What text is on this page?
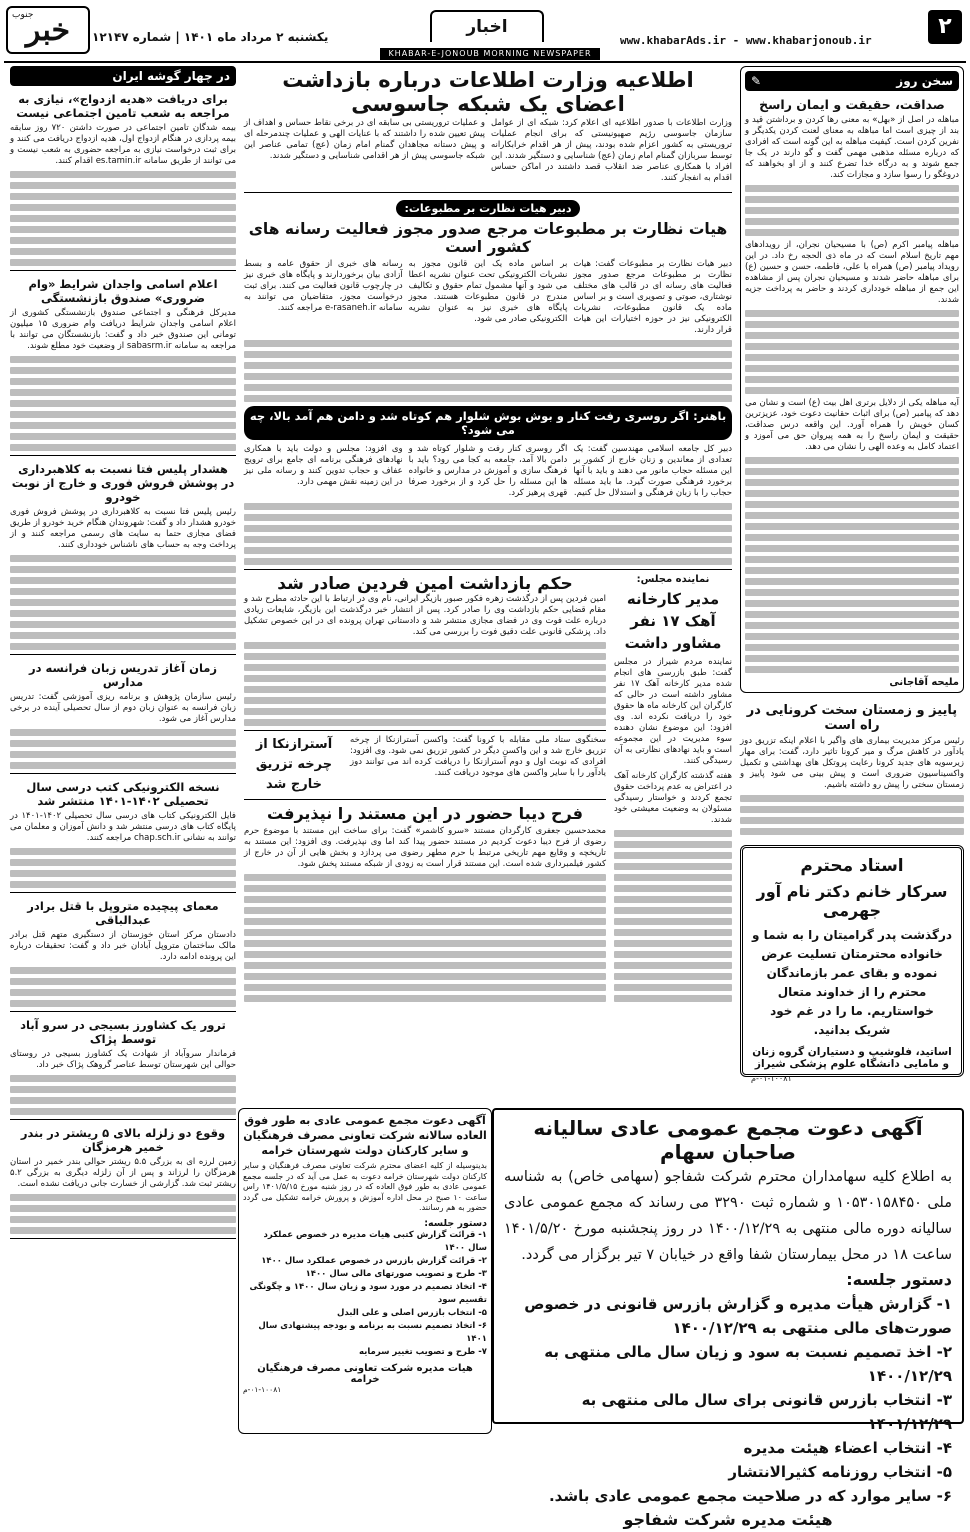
جنوب
خبر یکشنبه ۲ مرداد ماه ۱۴۰۱ | شماره ۱۲۱۴۷	اخبار
www.khabarAds.ir - www.khabarjonoub.ir
۲
KHABAR-E-JONOUB MORNING NEWSPAPER
سخن روز
✎
صداقت، حقیقت و ایمان راسخ

مباهله در اصل از «بهل» به معنی رها کردن و برداشتن قید و بند از چیزی است اما مباهله به معنای لعنت کردن یکدیگر و نفرین کردن است. کیفیت مباهله به این گونه است که افرادی که درباره مسئله مذهبی مهمی گفت و گو دارند در یک جا جمع شوند و به درگاه خدا تضرع کنند و از او بخواهند که دروغگو را رسوا سازد و مجازات کند.

مباهله پیامبر اکرم (ص) با مسیحیان نجران، از رویدادهای مهم تاریخ اسلام است که در ماه ذی الحجه رخ داد. در این رویداد پیامبر (ص) همراه با علی، فاطمه، حسن و حسین (ع) برای مباهله حاضر شدند و مسیحیان نجران پس از مشاهده این جمع از مباهله خودداری کردند و حاضر به پرداخت جزیه شدند.

آیه مباهله یکی از دلایل برتری اهل بیت (ع) است و نشان می دهد که پیامبر (ص) برای اثبات حقانیت دعوت خود، عزیزترین کسان خویش را همراه آورد. این واقعه درس صداقت، حقیقت و ایمان راسخ را به همه پیروان حق می آموزد و اعتماد کامل به وعده الهی را نشان می دهد.

ملیحه آقاجانی
پاییز و زمستان سخت کرونایی در راه است

رئیس مرکز مدیریت بیماری های واگیر با اعلام اینکه تزریق دوز یادآور در کاهش مرگ و میر کرونا تاثیر دارد، گفت: برای مهار زیرسویه های جدید کرونا رعایت پروتکل های بهداشتی و تکمیل واکسیناسیون ضروری است و پیش بینی می شود پاییز و زمستان سختی را پیش رو داشته باشیم.

استاد محترم
سرکار خانم دکتر نام آور جهرمی
درگذشت پدر گرامیتان را به شما و خانواده محترمتان تسلیت عرض نموده و بقای عمر بازماندگان محترم را از خداوند متعال خواستاریم. ما را در غم خود شریک بدانید.
اساتید، فلوشیپ و دستیاران گروه زنان و مامایی دانشگاه علوم پزشکی شیراز
۰۱-۱۰۰۸۱-م
اطلاعیه وزارت اطلاعات درباره بازداشت اعضای یک شبکه جاسوسی

وزارت اطلاعات با صدور اطلاعیه ای اعلام کرد: شبکه ای از عوامل سازمان جاسوسی رژیم صهیونیستی که برای انجام عملیات تروریستی به کشور اعزام شده بودند، پیش از هر اقدام خرابکارانه توسط سربازان گمنام امام زمان (عج) شناسایی و دستگیر شدند. این افراد با همکاری عناصر ضد انقلاب قصد داشتند در اماکن حساس اقدام به انفجار کنند.

و عملیات تروریستی بی سابقه ای در برخی نقاط حساس و اهداف از پیش تعیین شده را داشتند که با عنایات الهی و عملیات چندمرحله ای و پیش دستانه مجاهدان گمنام امام زمان (عج) تمامی عناصر این شبکه جاسوسی پیش از هر اقدامی شناسایی و دستگیر شدند.

دبیر هیات نظارت بر مطبوعات:
هیات نظارت بر مطبوعات مرجع صدور مجوز فعالیت رسانه های کشور است

دبیر هیات نظارت بر مطبوعات گفت: هیات نظارت بر مطبوعات مرجع صدور مجوز فعالیت های رسانه ای در قالب های مختلف نوشتاری، صوتی و تصویری است و بر اساس ماده یک قانون مطبوعات، نشریات الکترونیکی نیز در حوزه اختیارات این هیات قرار دارند.

بر اساس ماده یک این قانون مجوز به نشریات الکترونیکی تحت عنوان نشریه اعطا می شود و آنها مشمول تمام حقوق و تکالیف مندرج در قانون مطبوعات هستند. مجوز پایگاه های خبری نیز به عنوان نشریه الکترونیکی صادر می شود.

رسانه های خبری از حقوق عامه و بسط آزادی بیان برخوردارند و پایگاه های خبری نیز در چارچوب قانون فعالیت می کنند. برای ثبت درخواست مجوز، متقاضیان می توانند به سامانه e-rasaneh.ir مراجعه کنند.

باهنر: اگر روسری رفت کنار و بوش بوش شلوار هم کوتاه شد و دامن هم آمد بالا، چه می شود؟

دبیر کل جامعه اسلامی مهندسین گفت: یک تعدادی از معاندین و زنان خارج از کشور بر این مسئله حجاب مانور می دهند و باید با آنها برخورد فرهنگی صورت گیرد. ما باید مسئله حجاب را با زبان فرهنگی و استدلال حل کنیم.

اگر روسری کنار رفت و شلوار کوتاه شد و دامن بالا آمد، جامعه به کجا می رود؟ باید با فرهنگ سازی و آموزش در مدارس و خانواده ها این مسئله را حل کرد و از برخورد صرفا قهری پرهیز کرد.

وی افزود: مجلس و دولت باید با همکاری نهادهای فرهنگی برنامه ای جامع برای ترویج عفاف و حجاب تدوین کنند و رسانه ملی نیز در این زمینه نقش مهمی دارد.

نماینده مجلس:
مدیر کارخانه آهک ۱۷ نفر مشاور داشت

نماینده مردم شیراز در مجلس گفت: طبق بازرسی های انجام شده مدیر کارخانه آهک ۱۷ نفر مشاور داشته است در حالی که کارگران این کارخانه ماه ها حقوق خود را دریافت نکرده اند. وی افزود: این موضوع نشان دهنده سوء مدیریت در این مجموعه است و باید نهادهای نظارتی به آن رسیدگی کنند.

هفته گذشته کارگران کارخانه آهک در اعتراض به عدم پرداخت حقوق تجمع کردند و خواستار رسیدگی مسئولان به وضعیت معیشتی خود شدند.

حکم بازداشت امین فردین صادر شد

امین فردین پس از درگذشت زهره فکور صبور بازیگر ایرانی، نام وی در ارتباط با این حادثه مطرح شد و مقام قضایی حکم بازداشت وی را صادر کرد. پس از انتشار خبر درگذشت این بازیگر، شایعات زیادی درباره علت فوت وی در فضای مجازی منتشر شد و دادستانی تهران پرونده ای در این خصوص تشکیل داد. پزشکی قانونی علت دقیق فوت را بررسی می کند.

سخنگوی ستاد ملی مقابله با کرونا گفت: واکسن آسترازنکا از چرخه تزریق خارج شد و این واکسن دیگر در کشور تزریق نمی شود. وی افزود: افرادی که نوبت اول و دوم آسترازنکا را دریافت کرده اند می توانند دوز یادآور را با سایر واکسن های موجود دریافت کنند.

آسترازنکا از چرخه تزریق خارج شد
فرح دیبا حضور در این مستند را نپذیرفت

محمدحسین جعفری کارگردان مستند «سرو کاشمر» گفت: برای ساخت این مستند با موضوع حرم رضوی از فرح دیبا دعوت کردیم در مستند حضور پیدا کند اما وی نپذیرفت. وی افزود: این مستند به تاریخچه و وقایع مهم تاریخی مرتبط با حرم مطهر رضوی می پردازد و بخش هایی از آن در خارج از کشور فیلمبرداری شده است. این مستند قرار است به زودی از شبکه مستند پخش شود.

در چهار گوشه ایران
برای دریافت «هدیه ازدواج»، نیازی به مراجعه به شعب تامین اجتماعی نیست

بیمه شدگان تامین اجتماعی در صورت داشتن ۷۲۰ روز سابقه بیمه پردازی در هنگام ازدواج اول، هدیه ازدواج دریافت می کنند و برای ثبت درخواست نیازی به مراجعه حضوری به شعب نیست و می توانند از طریق سامانه es.tamin.ir اقدام کنند.

اعلام اسامی واجدان شرایط «وام ضروری» صندوق بازنشستگی

مدیرکل فرهنگی و اجتماعی صندوق بازنشستگی کشوری از اعلام اسامی واجدان شرایط دریافت وام ضروری ۱۵ میلیون تومانی این صندوق خبر داد و گفت: بازنشستگان می توانند با مراجعه به سامانه sabasrm.ir از وضعیت خود مطلع شوند.

هشدار پلیس فتا نسبت به کلاهبرداری در پوشش فروش فوری و خارج از نوبت خودرو

رئیس پلیس فتا نسبت به کلاهبرداری در پوشش فروش فوری خودرو هشدار داد و گفت: شهروندان هنگام خرید خودرو از طریق فضای مجازی حتما به سایت های رسمی مراجعه کنند و از پرداخت وجه به حساب های ناشناس خودداری کنند.

زمان آغاز تدریس زبان فرانسه در مدارس

رئیس سازمان پژوهش و برنامه ریزی آموزشی گفت: تدریس زبان فرانسه به عنوان زبان دوم از سال تحصیلی آینده در برخی مدارس آغاز می شود.

نسخه الکترونیکی کتب درسی سال تحصیلی ۱۴۰۲-۱۴۰۱ منتشر شد

فایل الکترونیکی کتاب های درسی سال تحصیلی ۱۴۰۲-۱۴۰۱ در پایگاه کتاب های درسی منتشر شد و دانش آموزان و معلمان می توانند به نشانی chap.sch.ir مراجعه کنند.

معمای پیچیده متروپل با قتل برادر عبدالباقی

دادستان مرکز استان خوزستان از دستگیری متهم قتل برادر مالک ساختمان متروپل آبادان خبر داد و گفت: تحقیقات درباره این پرونده ادامه دارد.

ترور یک کشاورز بسیجی در سرو آباد توسط پژاک

فرماندار سروآباد از شهادت یک کشاورز بسیجی در روستای حوالی این شهرستان توسط عناصر گروهک پژاک خبر داد.

وقوع دو زلزله بالای ۵ ریشتر در بندر خمیر هرمزگان

زمین لرزه ای به بزرگی ۵.۵ ریشتر حوالی بندر خمیر در استان هرمزگان را لرزاند و پس از آن زلزله دیگری به بزرگی ۵.۲ ریشتر ثبت شد. گزارشی از خسارت جانی دریافت نشده است.

آگهی دعوت مجمع عمومی عادی به طور فوق العاده سالانه شرکت تعاونی مصرف فرهنگیان و سایر کارکنان دولت شهرستان خرامه

بدینوسیله از کلیه اعضای محترم شرکت تعاونی مصرف فرهنگیان و سایر کارکنان دولت شهرستان خرامه دعوت به عمل می آید که در جلسه مجمع عمومی عادی به طور فوق العاده که در روز شنبه مورخ ۱۴۰۱/۵/۱۵ راس ساعت ۱۰ صبح در محل اداره آموزش و پرورش خرامه تشکیل می گردد حضور به هم رسانند.

دستور جلسه:
۱- قرائت گزارش کتبی هیات مدیره در خصوص عملکرد سال ۱۴۰۰
۲- قرائت گزارش بازرس در خصوص عملکرد سال ۱۴۰۰
۳- طرح و تصویب صورتهای مالی سال ۱۴۰۰
۴- اتخاذ تصمیم در مورد سود و زیان سال ۱۴۰۰ و چگونگی تقسیم سود
۵- انتخاب بازرس اصلی و علی البدل
۶- اتخاذ تصمیم نسبت به برنامه و بودجه پیشنهادی سال ۱۴۰۱
۷- طرح و تصویب تغییر سرمایه
هیات مدیره شرکت تعاونی مصرف فرهنگیان خرامه
۰۱-۱۰۰۸۱-م
آگهی دعوت مجمع عمومی عادی سالیانه صاحبان سهام
به اطلاع کلیه سهامداران محترم شرکت شفاجو (سهامی خاص) به شناسه ملی ۱۰۵۳۰۱۵۸۴۵۰ و شماره ثبت ۳۲۹۰ می رساند که مجمع عمومی عادی سالیانه دوره مالی منتهی به ۱۴۰۰/۱۲/۲۹ در روز پنجشنبه مورخ ۱۴۰۱/۵/۲۰ ساعت ۱۸ در محل بیمارستان شفا واقع در خیابان ۷ تیر برگزار می گردد.
دستور جلسه:
۱- گزارش هیأت مدیره و گزارش بازرس قانونی در خصوص صورت‌های مالی منتهی به ۱۴۰۰/۱۲/۲۹
۲- اخذ تصمیم نسبت به سود و زیان سال مالی منتهی به ۱۴۰۰/۱۲/۲۹
۳- انتخاب بازرس قانونی برای سال مالی منتهی به ۱۴۰۱/۱۲/۲۹
۴- انتخاب اعضاء هیئت مدیره
۵- انتخاب روزنامه کثیرالانتشار
۶- سایر موارد که در صلاحیت مجمع عمومی عادی باشد.
هیئت مدیره شرکت شفاجو
